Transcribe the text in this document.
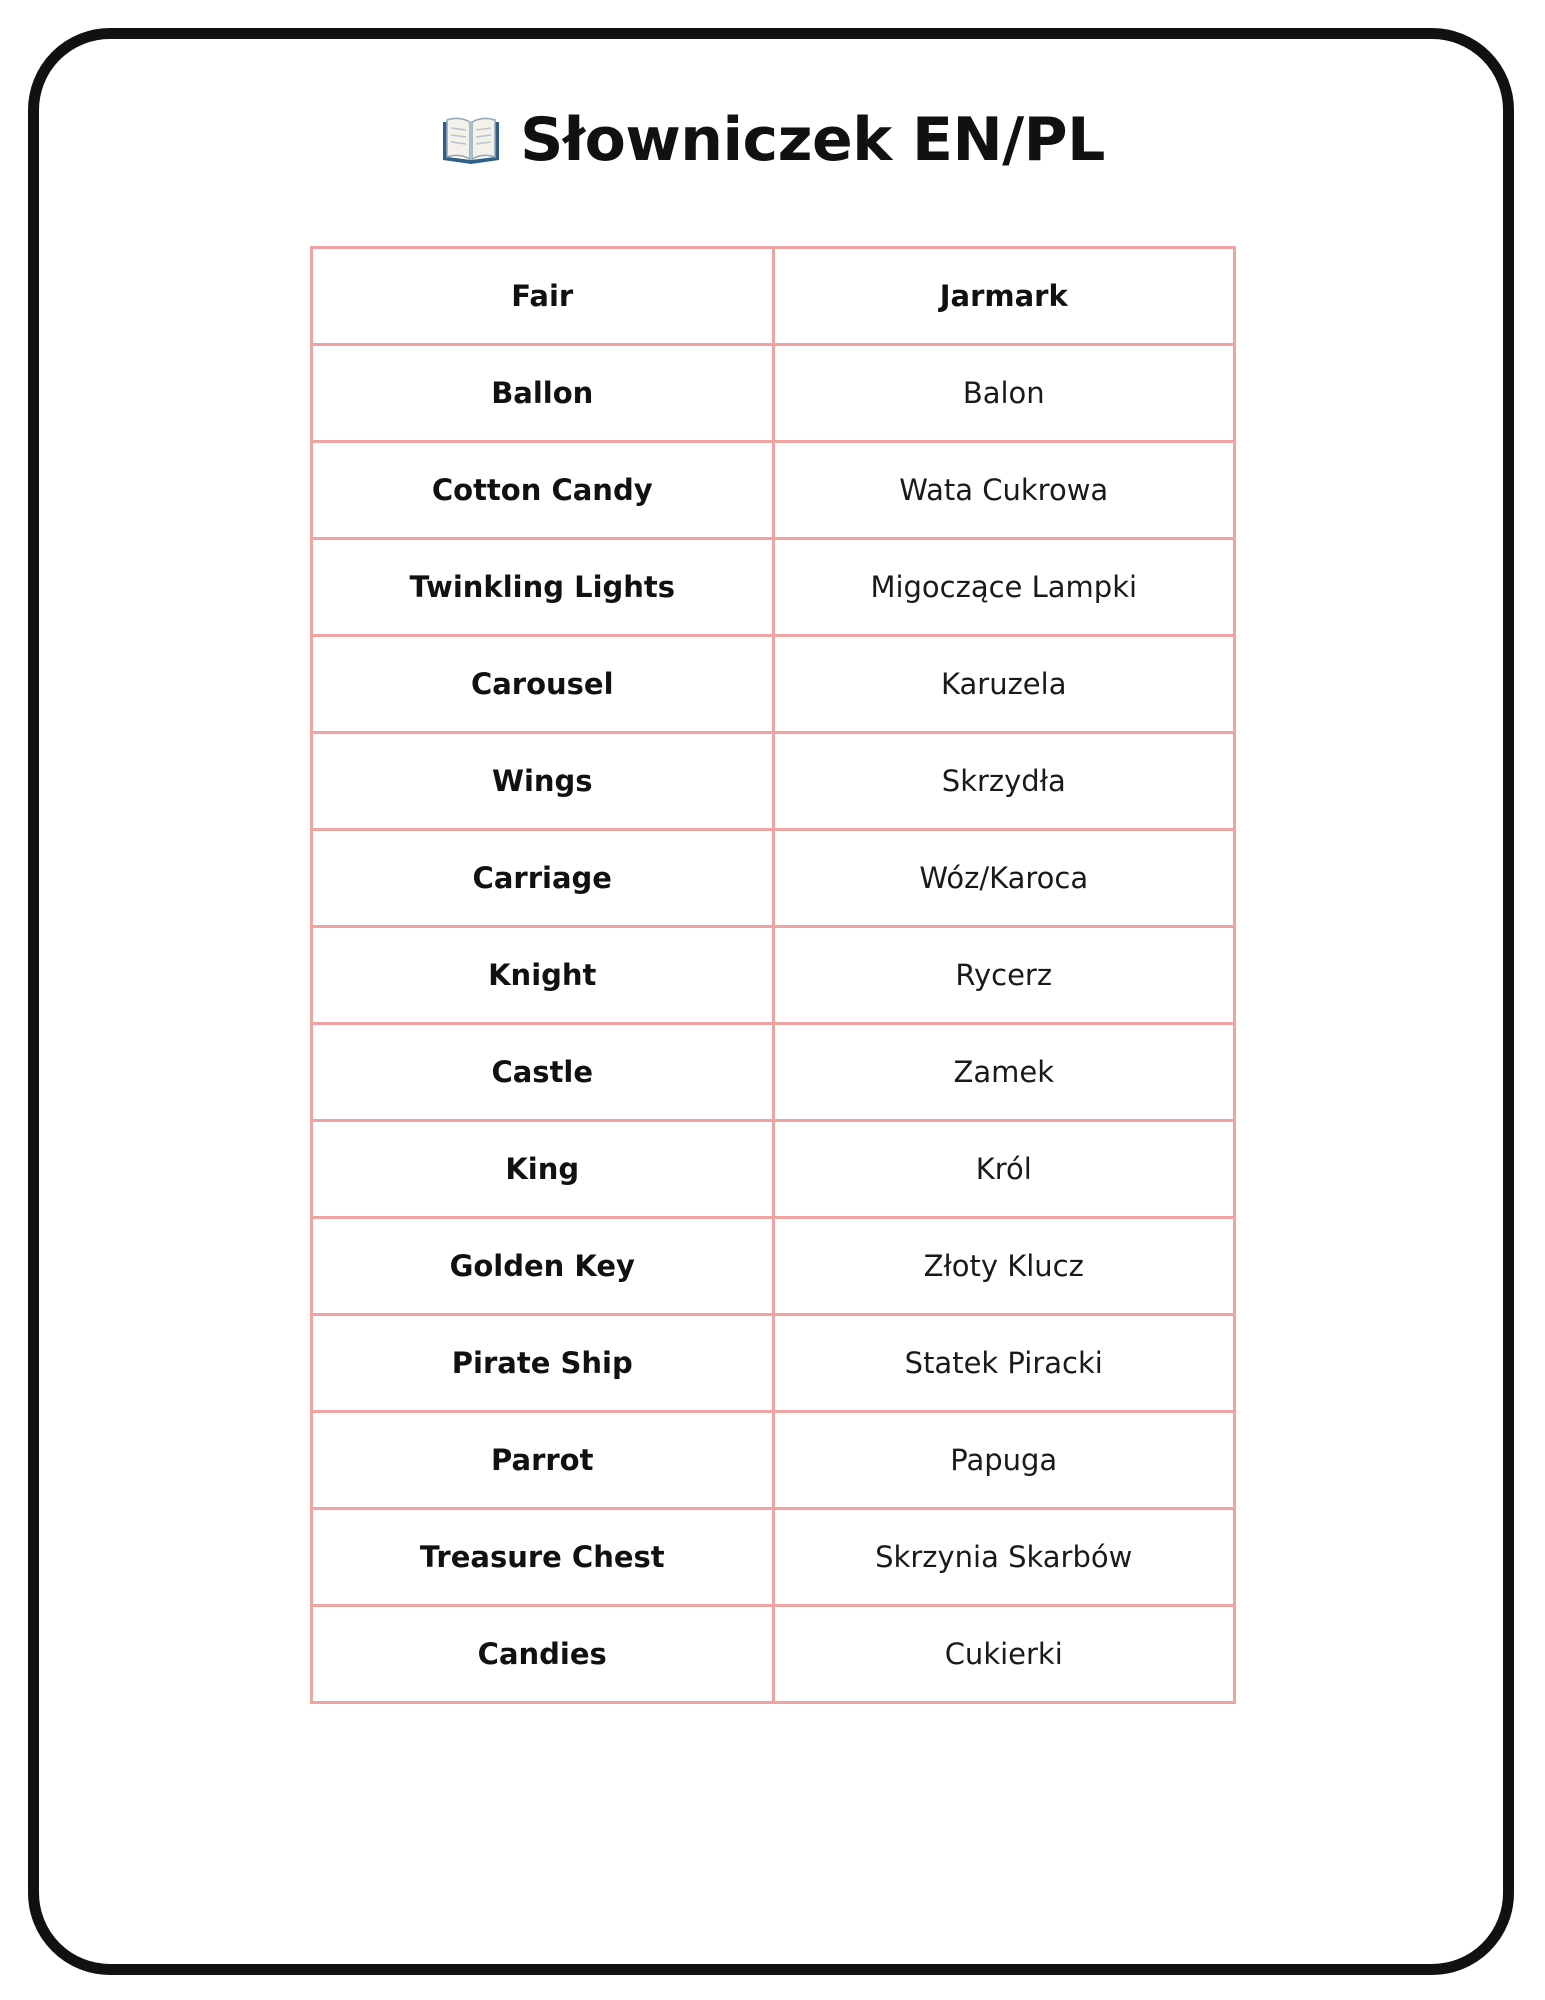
Słowniczek EN/PL
Fair	Jarmark
Ballon	Balon
Cotton Candy	Wata Cukrowa
Twinkling Lights	Migoczące Lampki
Carousel	Karuzela
Wings	Skrzydła
Carriage	Wóz/Karoca
Knight	Rycerz
Castle	Zamek
King	Król
Golden Key	Złoty Klucz
Pirate Ship	Statek Piracki
Parrot	Papuga
Treasure Chest	Skrzynia Skarbów
Candies	Cukierki
